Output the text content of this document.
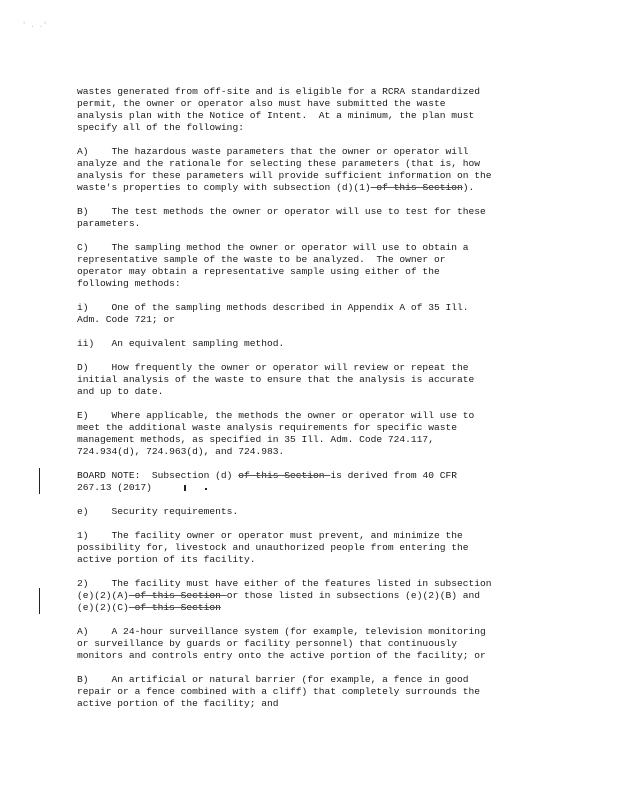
' . .'
wastes generated from off-site and is eligible for a RCRA standardized
permit, the owner or operator also must have submitted the waste
analysis plan with the Notice of Intent.  At a minimum, the plan must
specify all of the following:
A)    The hazardous waste parameters that the owner or operator will
analyze and the rationale for selecting these parameters (that is, how
analysis for these parameters will provide sufficient information on the
waste's properties to comply with subsection (d)(1) of this Section).
B)    The test methods the owner or operator will use to test for these
parameters.
C)    The sampling method the owner or operator will use to obtain a
representative sample of the waste to be analyzed.  The owner or
operator may obtain a representative sample using either of the
following methods:
i)    One of the sampling methods described in Appendix A of 35 Ill.
Adm. Code 721; or
ii)   An equivalent sampling method.
D)    How frequently the owner or operator will review or repeat the
initial analysis of the waste to ensure that the analysis is accurate
and up to date.
E)    Where applicable, the methods the owner or operator will use to
meet the additional waste analysis requirements for specific waste
management methods, as specified in 35 Ill. Adm. Code 724.117,
724.934(d), 724.963(d), and 724.983.
BOARD NOTE:  Subsection (d) of this Section is derived from 40 CFR
267.13 (2017)
e)    Security requirements.
1)    The facility owner or operator must prevent, and minimize the
possibility for, livestock and unauthorized people from entering the
active portion of its facility.
2)    The facility must have either of the features listed in subsection
(e)(2)(A) of this Section or those listed in subsections (e)(2)(B) and
(e)(2)(C) of this Section
A)    A 24-hour surveillance system (for example, television monitoring
or surveillance by guards or facility personnel) that continuously
monitors and controls entry onto the active portion of the facility; or
B)    An artificial or natural barrier (for example, a fence in good
repair or a fence combined with a cliff) that completely surrounds the
active portion of the facility; and
